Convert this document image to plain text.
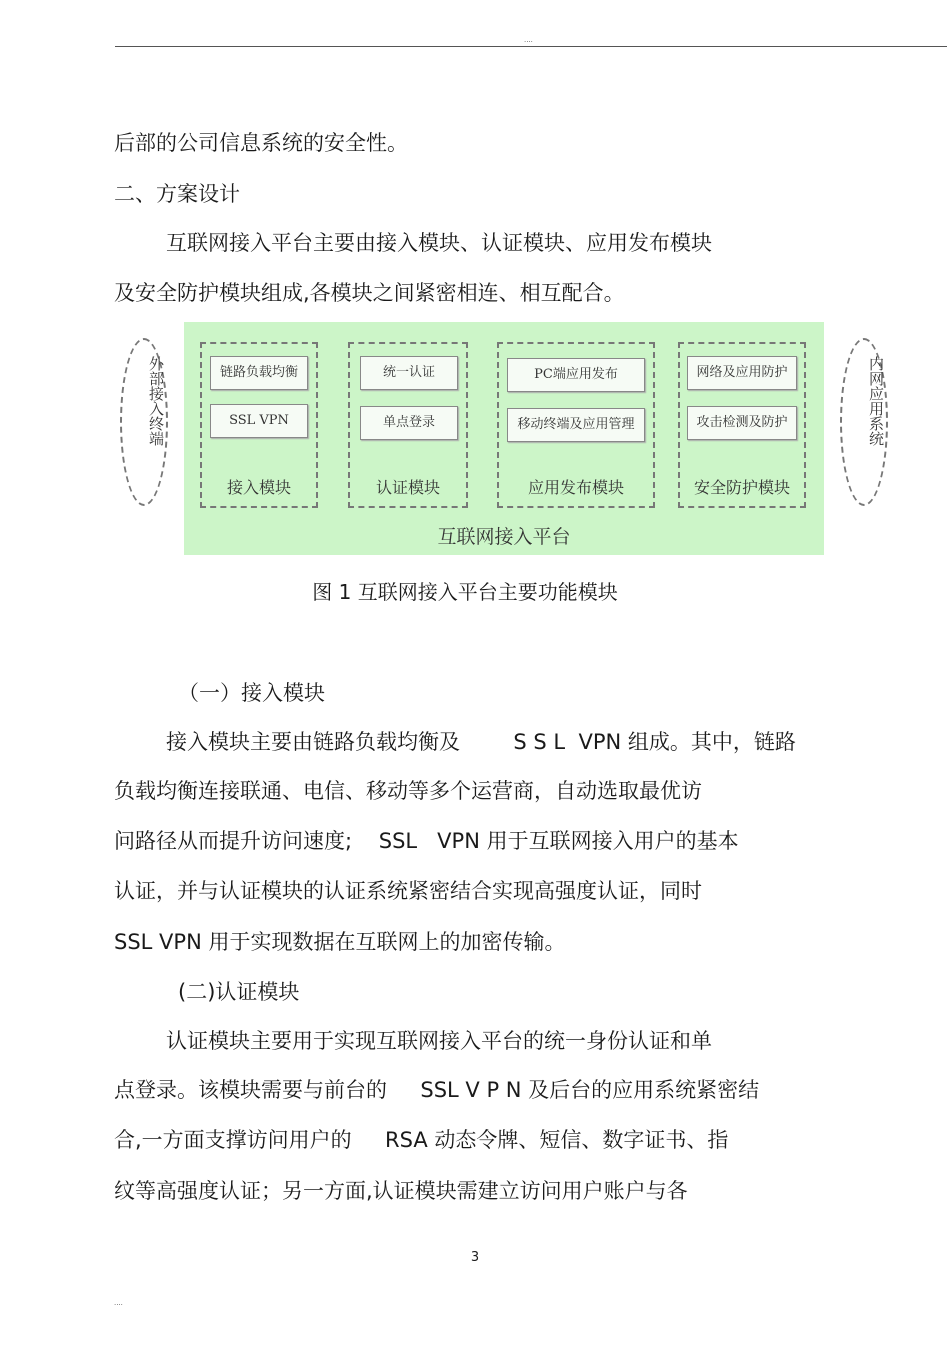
....
后部的公司信息系统的安全性。
二、方案设计
互联网接入平台主要由接入模块、认证模块、应用发布模块
及安全防护模块组成,各模块之间紧密相连、相互配合。
外部接入终端	链路负载均衡
SSL VPN
接入模块
统一认证
单点登录
认证模块
PC端应用发布
移动终端及应用管理
应用发布模块
网络及应用防护
攻击检测及防护
安全防护模块
互联网接入平台
内网应用系统
图 1 互联网接入平台主要功能模块
（一）接入模块
接入模块主要由链路负载均衡及        S S L  VPN 组成。其中，链路
负载均衡连接联通、电信、移动等多个运营商，自动选取最优访
问路径从而提升访问速度;    SSL   VPN 用于互联网接入用户的基本
认证，并与认证模块的认证系统紧密结合实现高强度认证，同时
SSL VPN 用于实现数据在互联网上的加密传输。
(二)认证模块
认证模块主要用于实现互联网接入平台的统一身份认证和单
点登录。该模块需要与前台的     SSL V P N 及后台的应用系统紧密结
合,一方面支撑访问用户的     RSA 动态令牌、短信、数字证书、指
纹等高强度认证；另一方面,认证模块需建立访问用户账户与各
3
....
